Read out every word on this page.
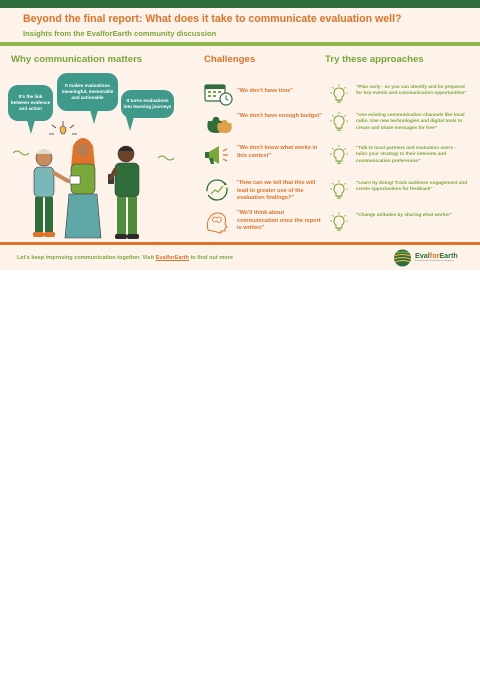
Beyond the final report: What does it take to communicate evaluation well?
Insights from the EvalforEarth community discussion
Why communication matters	Challenges	Try these approaches
It's the link between evidence and action
It makes evaluations meaningful, memorable and actionable
It turns evaluations into learning journeys
"We don't have time"
"We don't have enough budget"
"We don't know what works in this context"
"How can we tell that this will lead to greater use of the evaluation findings?"
"We'll think about communication once the report is written"
"Plan early - so you can identify and be prepared for key events and communication opportunities"
"Use existing communication channels like local radio. Use new technologies and digital tools to create and share messages for free"
"Talk to local partners and evaluation users - tailor your strategy to their interests and communication preferences"
"Learn by doing! Track audience engagement and create opportunities for feedback"
"Change attitudes by sharing what works!"
Let's keep improving communication together. Visit EvalforEarth to find out more	EvalforEarth
Evaluation for Sustainable Development
